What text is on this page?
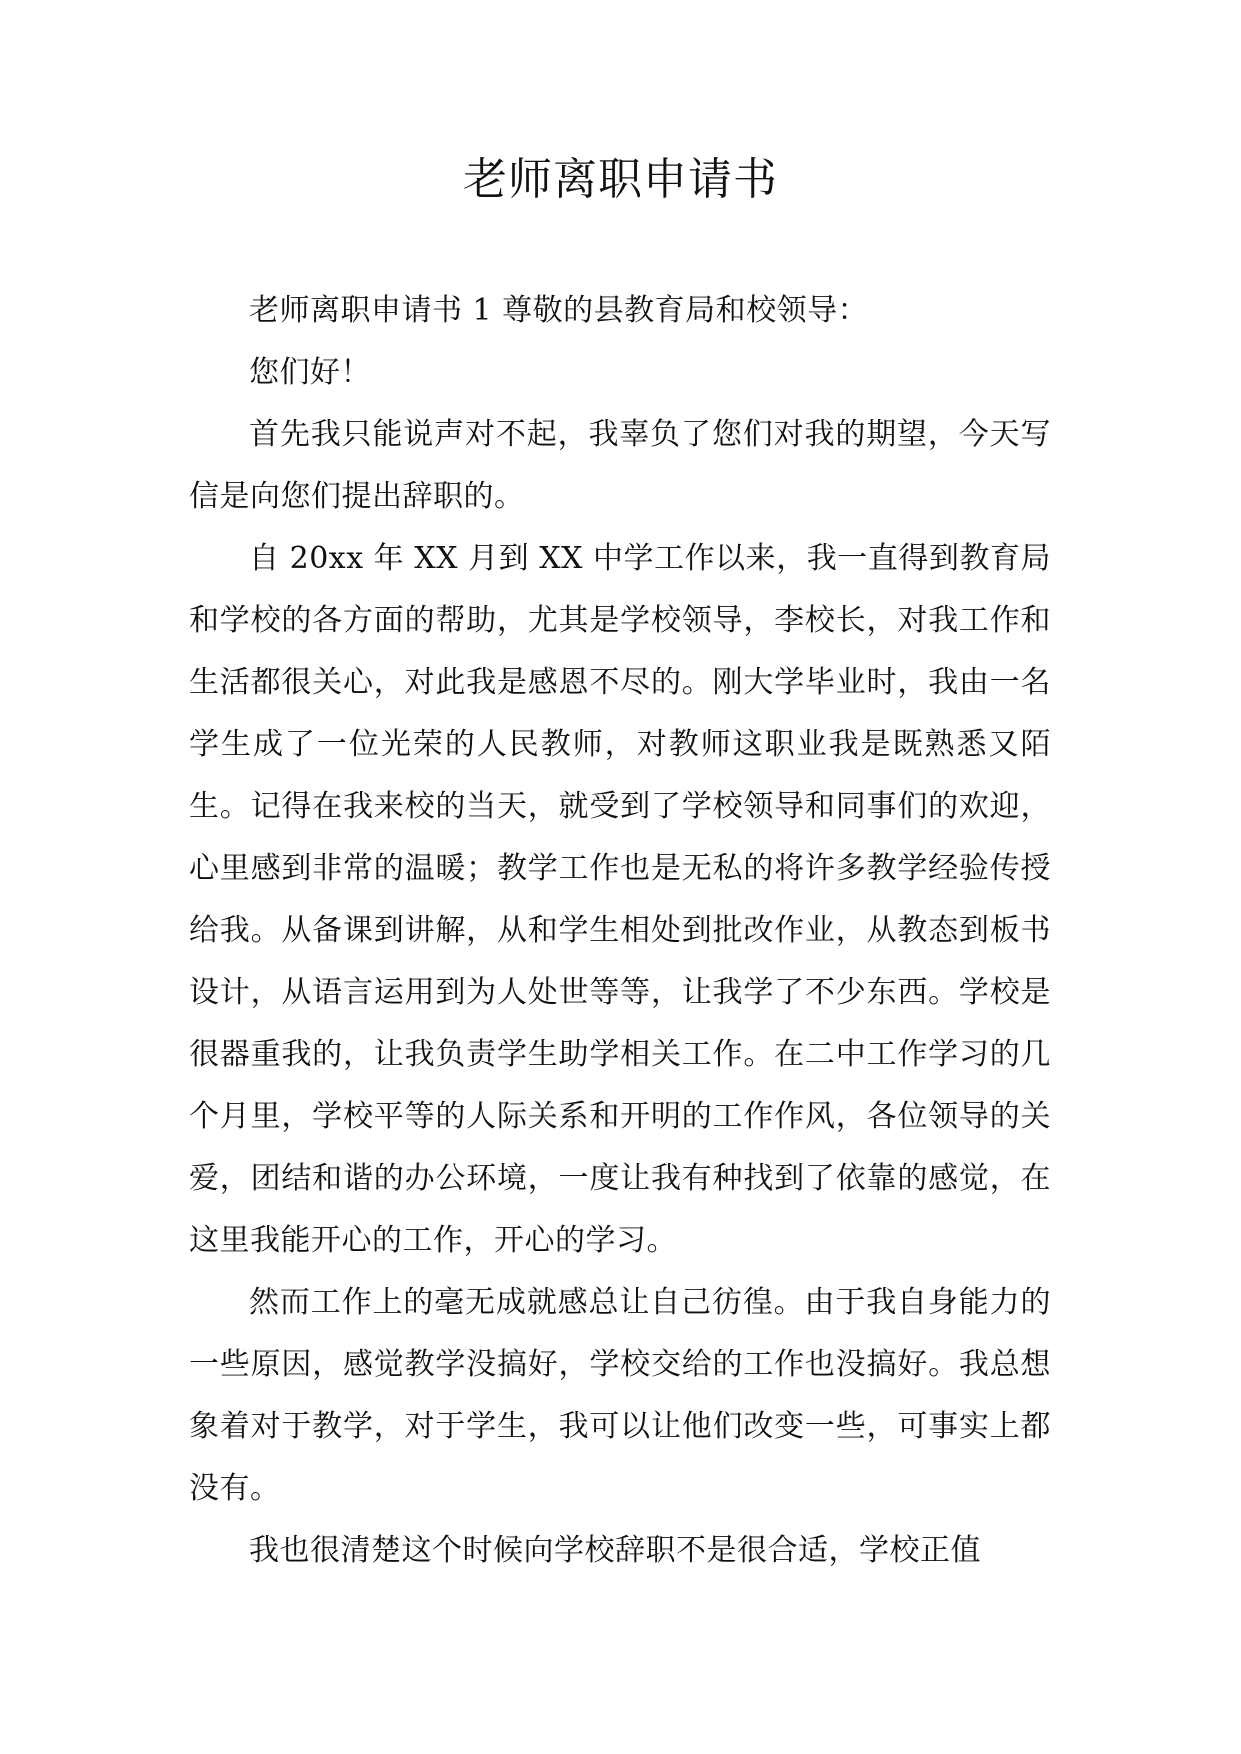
老师离职申请书

老师离职申请书 1 尊敬的县教育局和校领导：

您们好！

首先我只能说声对不起，我辜负了您们对我的期望，今天写信是向您们提出辞职的。

自 20xx 年 XX 月到 XX 中学工作以来，我一直得到教育局和学校的各方面的帮助，尤其是学校领导，李校长，对我工作和生活都很关心，对此我是感恩不尽的。刚大学毕业时，我由一名学生成了一位光荣的人民教师，对教师这职业我是既熟悉又陌生。记得在我来校的当天，就受到了学校领导和同事们的欢迎，心里感到非常的温暖；教学工作也是无私的将许多教学经验传授给我。从备课到讲解，从和学生相处到批改作业，从教态到板书设计，从语言运用到为人处世等等，让我学了不少东西。学校是很器重我的，让我负责学生助学相关工作。在二中工作学习的几个月里，学校平等的人际关系和开明的工作作风，各位领导的关爱，团结和谐的办公环境，一度让我有种找到了依靠的感觉，在这里我能开心的工作，开心的学习。

然而工作上的毫无成就感总让自己彷徨。由于我自身能力的一些原因，感觉教学没搞好，学校交给的工作也没搞好。我总想象着对于教学，对于学生，我可以让他们改变一些，可事实上都没有。

我也很清楚这个时候向学校辞职不是很合适，学校正值
